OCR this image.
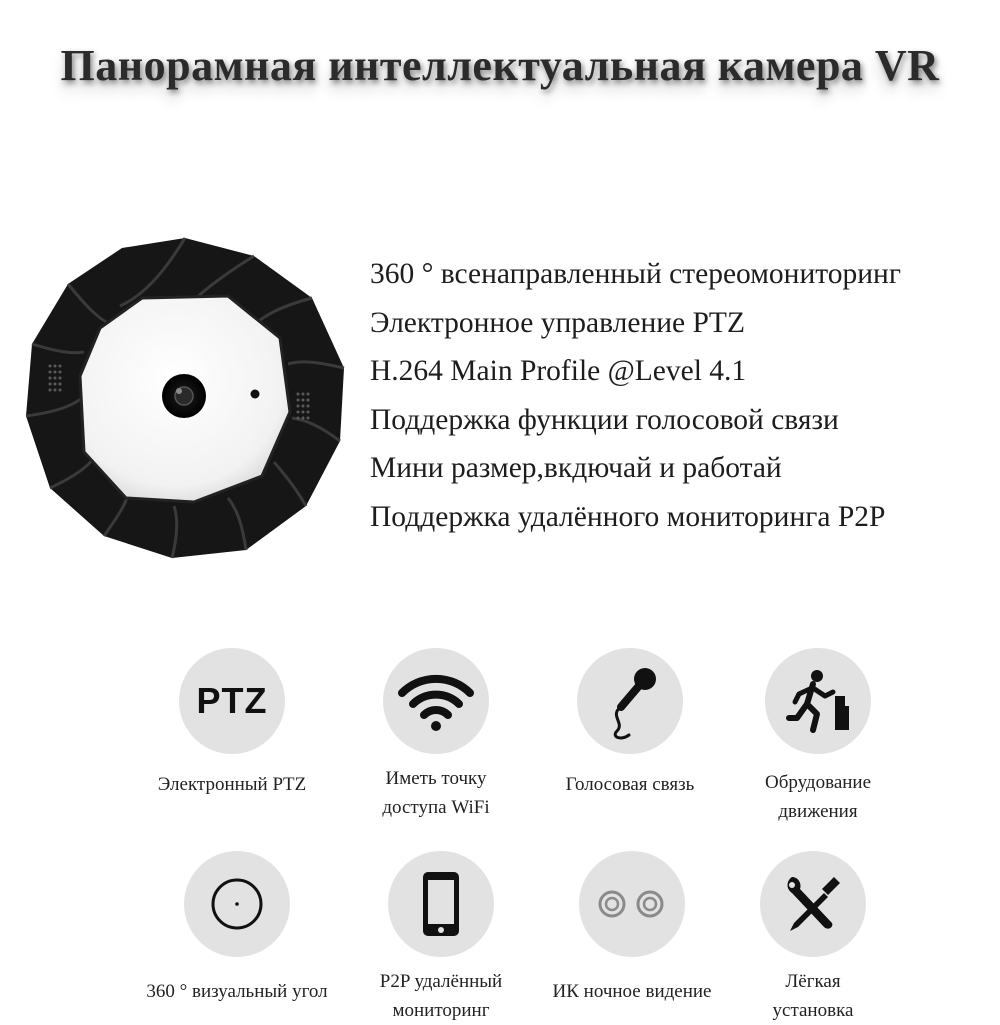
Панорамная интеллектуальная камера VR
360 ° всенаправленный стереомониторинг
Электронное управление PTZ
H.264 Main Profile @Level 4.1
Поддержка функции голосовой связи
Мини размер,вкдючай и работай
Поддержка удалённого мониторинга P2P
PTZ
Электронный PTZ	Иметь точку
доступа WiFi
Голосовая связь	Обрудование
движения
360 ° визуальный угол	P2P удалённый
мониторинг
ИК ночное видение	Лёгкая
установка
